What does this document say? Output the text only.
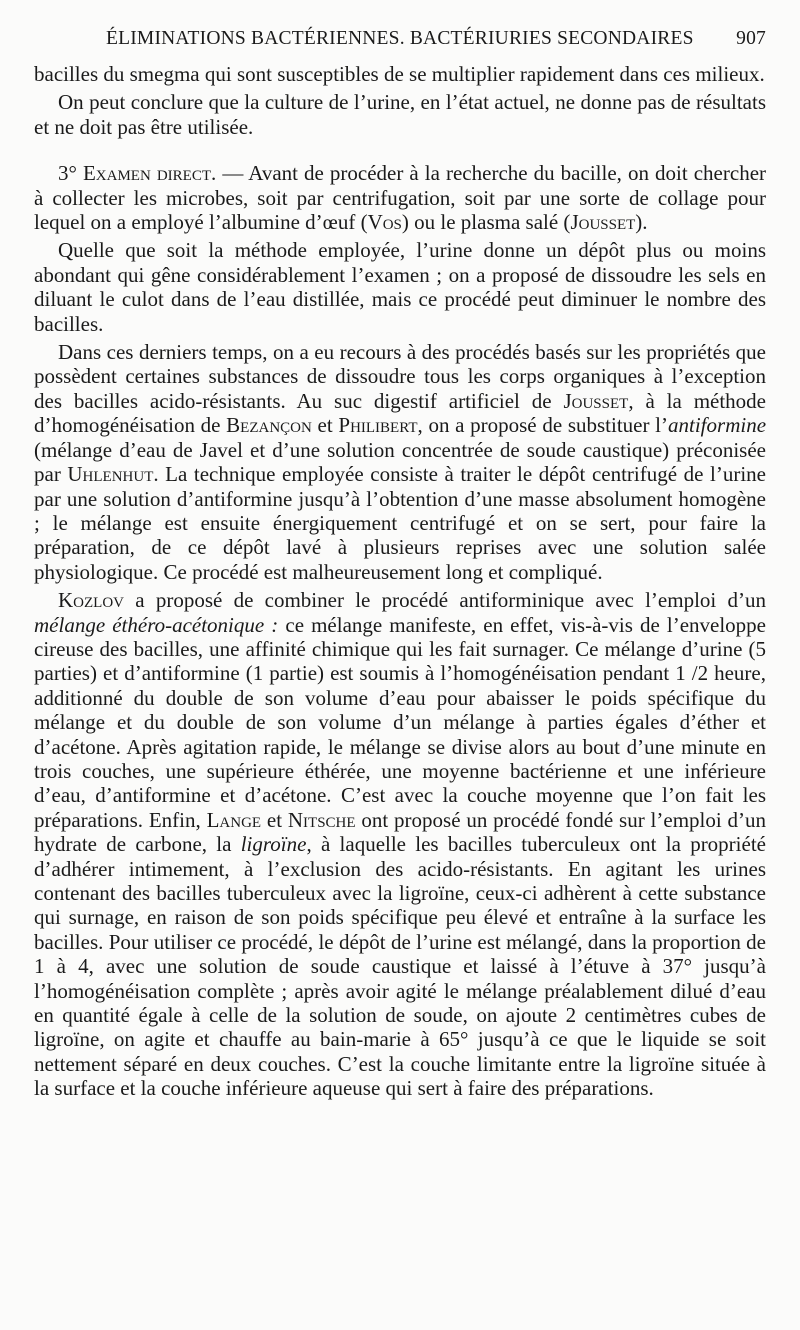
ÉLIMINATIONS BACTÉRIENNES. BACTÉRIURIES SECONDAIRES 907

bacilles du smegma qui sont susceptibles de se multiplier rapidement dans ces milieux.

On peut conclure que la culture de l’urine, en l’état actuel, ne donne pas de résultats et ne doit pas être utilisée.

3° Examen direct. — Avant de procéder à la recherche du bacille, on doit chercher à collecter les microbes, soit par centrifugation, soit par une sorte de collage pour lequel on a employé l’albumine d’œuf (Vos) ou le plasma salé (Jousset).

Quelle que soit la méthode employée, l’urine donne un dépôt plus ou moins abondant qui gêne considérablement l’examen ; on a proposé de dissoudre les sels en diluant le culot dans de l’eau distillée, mais ce procédé peut diminuer le nombre des bacilles.

Dans ces derniers temps, on a eu recours à des procédés basés sur les propriétés que possèdent certaines substances de dissoudre tous les corps organiques à l’exception des bacilles acido-résistants. Au suc digestif artificiel de Jousset, à la méthode d’homogénéisation de Bezançon et Philibert, on a proposé de substituer l’antiformine (mélange d’eau de Javel et d’une solution concentrée de soude caustique) préconisée par Uhlenhut. La technique employée consiste à traiter le dépôt centrifugé de l’urine par une solution d’antiformine jusqu’à l’obtention d’une masse absolument homogène ; le mélange est ensuite énergiquement centrifugé et on se sert, pour faire la préparation, de ce dépôt lavé à plusieurs reprises avec une solution salée physiologique. Ce procédé est malheureusement long et compliqué.

Kozlov a proposé de combiner le procédé antiforminique avec l’emploi d’un mélange éthéro-acétonique : ce mélange manifeste, en effet, vis-à-vis de l’enveloppe cireuse des bacilles, une affinité chimique qui les fait surnager. Ce mélange d’urine (5 parties) et d’antiformine (1 partie) est soumis à l’homogénéisation pendant 1 /2 heure, additionné du double de son volume d’eau pour abaisser le poids spécifique du mélange et du double de son volume d’un mélange à parties égales d’éther et d’acétone. Après agitation rapide, le mélange se divise alors au bout d’une minute en trois couches, une supérieure éthérée, une moyenne bactérienne et une inférieure d’eau, d’antiformine et d’acétone. C’est avec la couche moyenne que l’on fait les préparations. Enfin, Lange et Nitsche ont proposé un procédé fondé sur l’emploi d’un hydrate de carbone, la ligroïne, à laquelle les bacilles tuberculeux ont la propriété d’adhérer intimement, à l’exclusion des acido-résistants. En agitant les urines contenant des bacilles tuberculeux avec la ligroïne, ceux-ci adhèrent à cette substance qui surnage, en raison de son poids spécifique peu élevé et entraîne à la surface les bacilles. Pour utiliser ce procédé, le dépôt de l’urine est mélangé, dans la proportion de 1 à 4, avec une solution de soude caustique et laissé à l’étuve à 37° jusqu’à l’homogénéisation complète ; après avoir agité le mélange préalablement dilué d’eau en quantité égale à celle de la solution de soude, on ajoute 2 centimètres cubes de ligroïne, on agite et chauffe au bain-marie à 65° jusqu’à ce que le liquide se soit nettement séparé en deux couches. C’est la couche limitante entre la ligroïne située à la surface et la couche inférieure aqueuse qui sert à faire des préparations.
